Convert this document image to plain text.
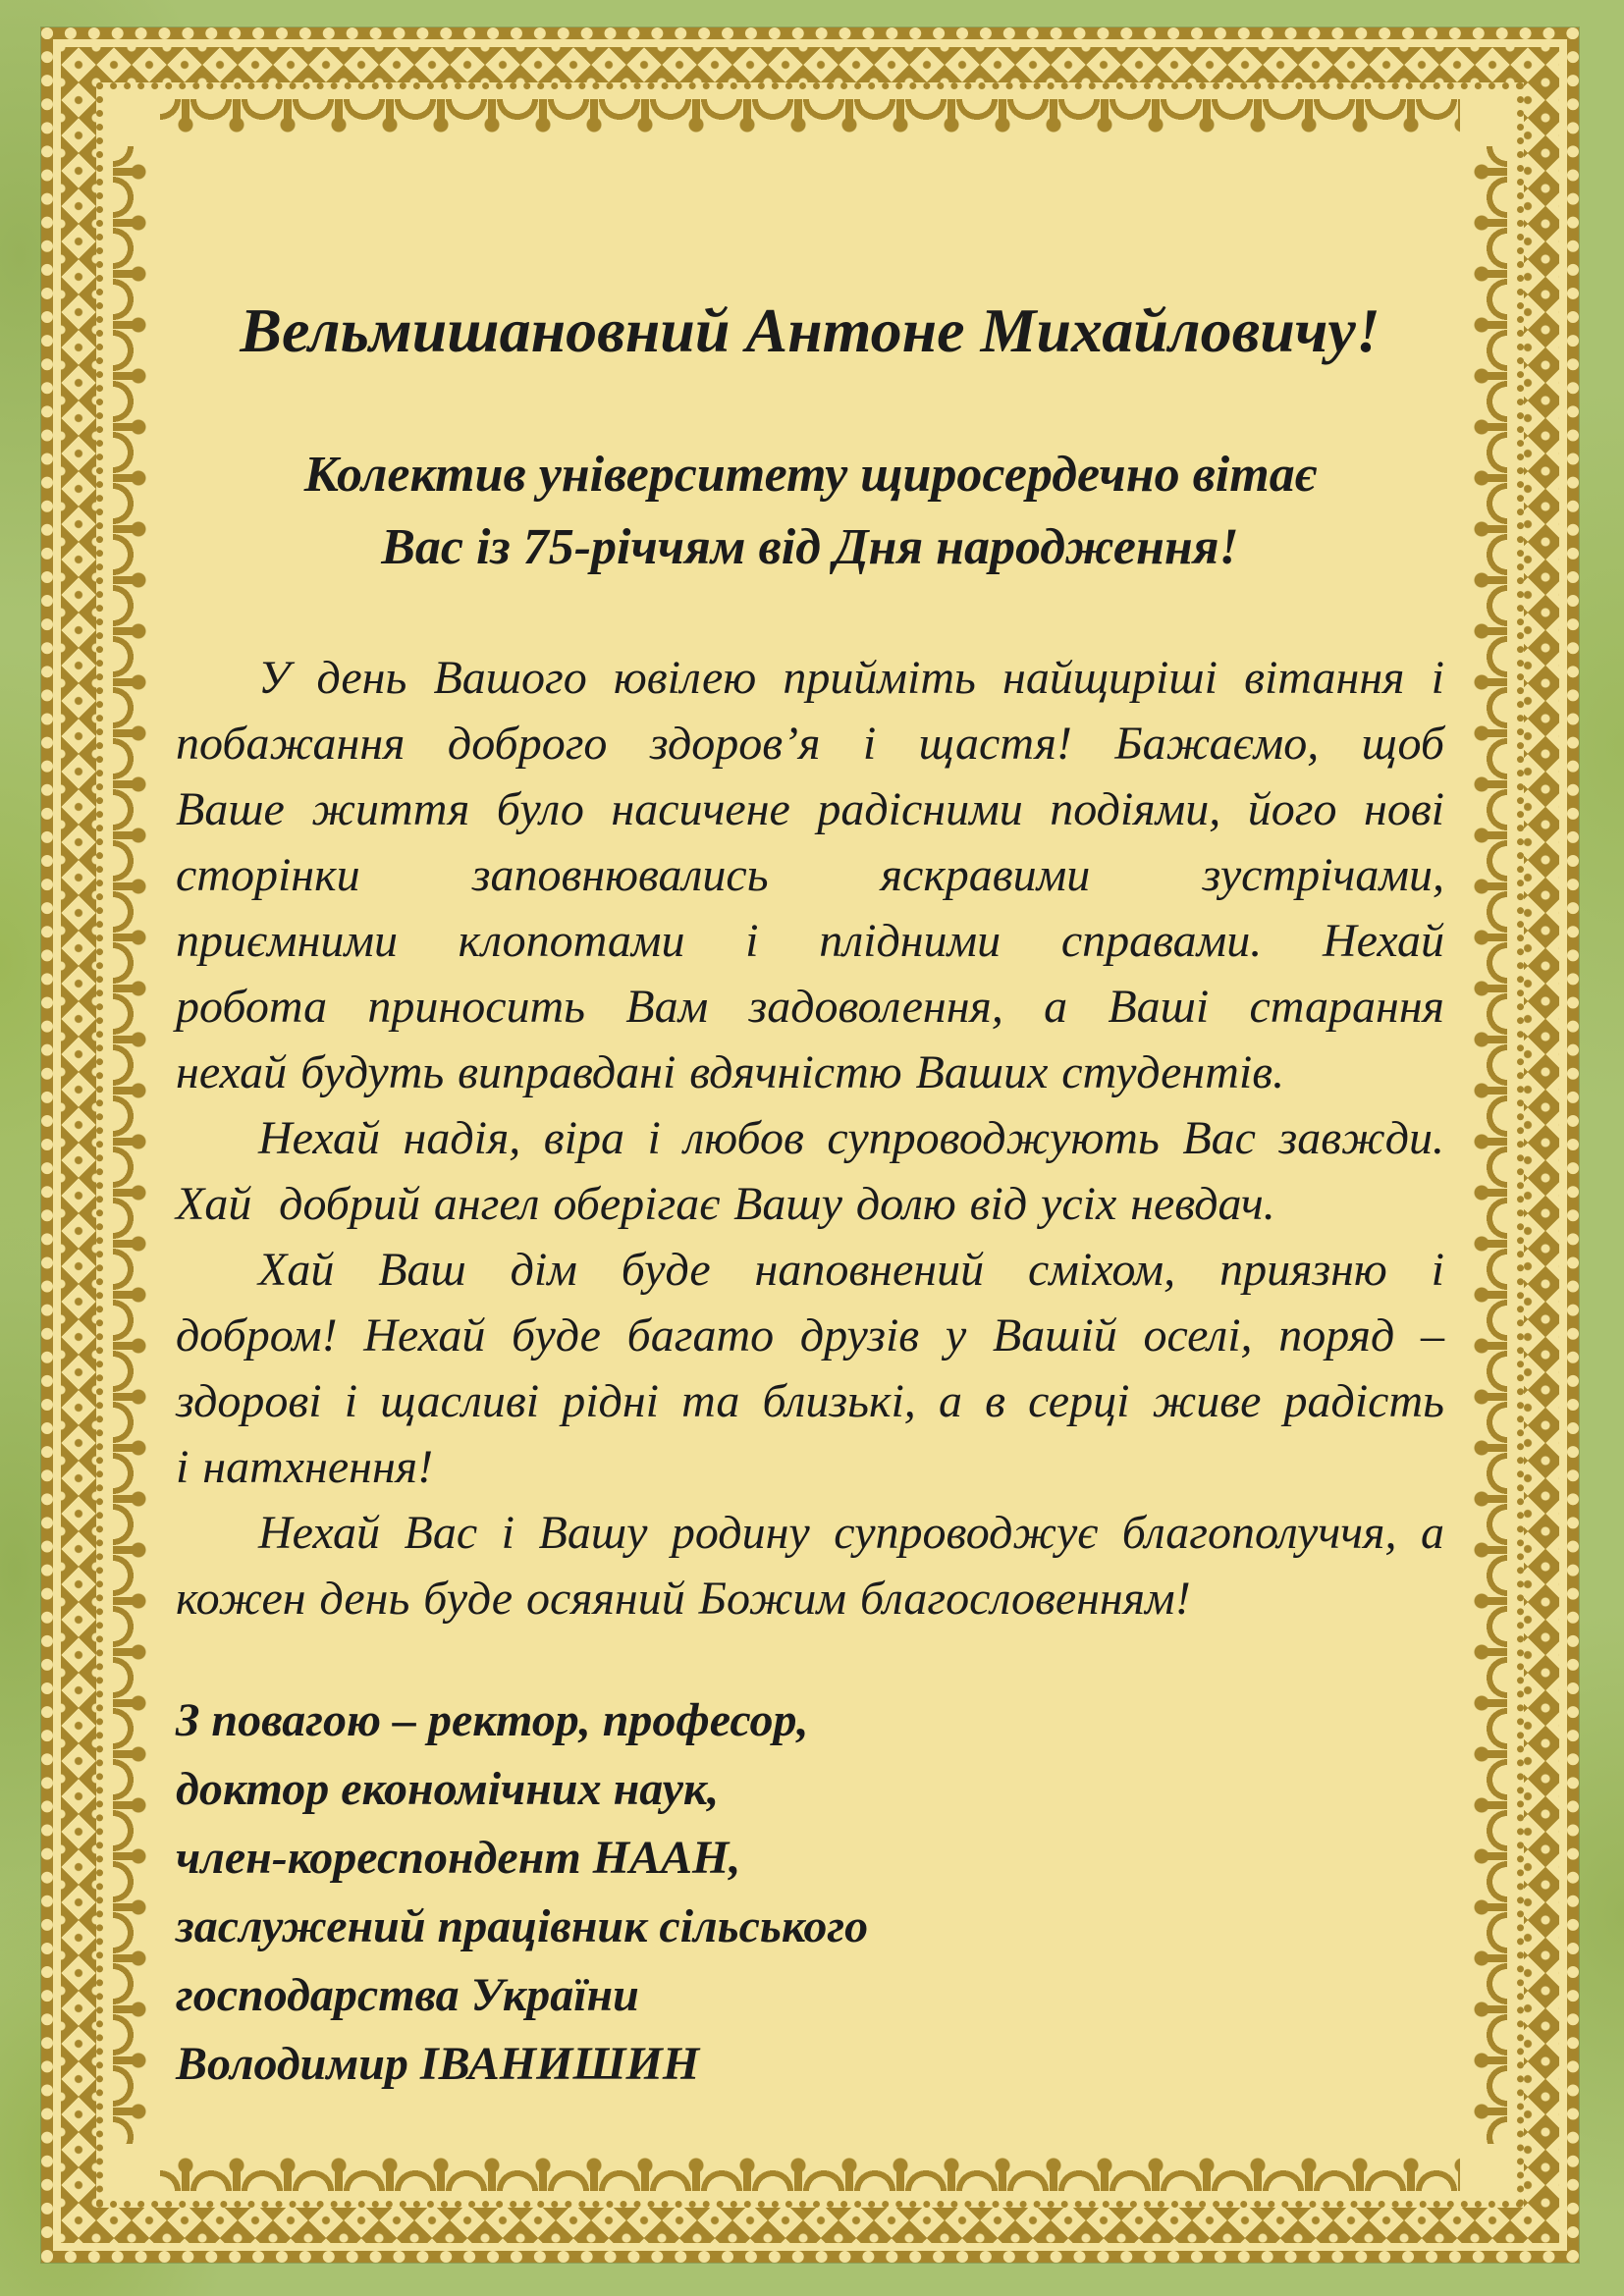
Вельмишановний Антоне Михайловичу!
Колектив університету щиросердечно вітає
Вас із 75-річчям від Дня народження!
У день Вашого ювілею прийміть найщиріші вітання і
побажання доброго здоров’я і щастя! Бажаємо, щоб
Ваше життя було насичене радісними подіями, його нові
сторінки заповнювались яскравими зустрічами,
приємними клопотами і плідними справами. Нехай
робота приносить Вам задоволення, а Ваші старання
нехай будуть виправдані вдячністю Ваших студентів.
Нехай надія, віра і любов супроводжують Вас завжди.
Хай  добрий ангел оберігає Вашу долю від усіх невдач.
Хай Ваш дім буде наповнений сміхом, приязню і
добром! Нехай буде багато друзів у Вашій оселі, поряд –
здорові і щасливі рідні та близькі, а в серці живе радість
і натхнення!
Нехай Вас і Вашу родину супроводжує благополуччя, а
кожен день буде осяяний Божим благословенням!
З повагою – ректор, професор,
доктор економічних наук,
член-кореспондент НААН,
заслужений працівник сільського
господарства України
Володимир ІВАНИШИН
